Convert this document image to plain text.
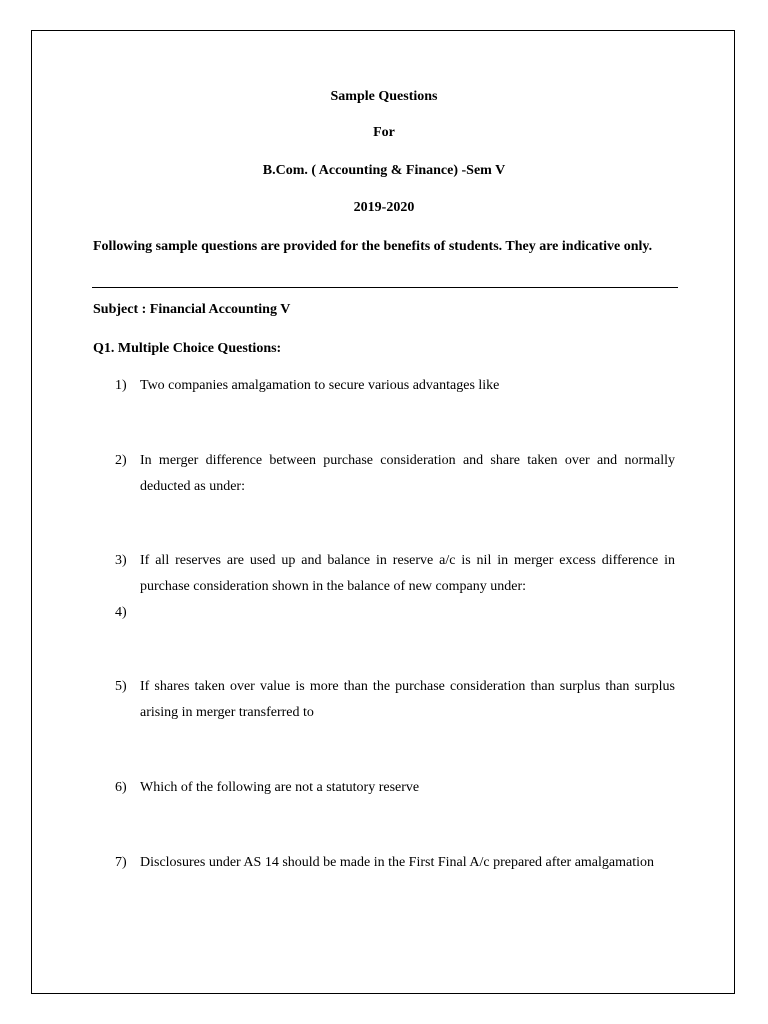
Sample Questions
For
B.Com. ( Accounting & Finance) -Sem V
2019-2020
Following sample questions are provided for the benefits of students. They are indicative only.
Subject : Financial Accounting V
Q1. Multiple Choice Questions:
1) Two companies amalgamation to secure various advantages like
2) In merger difference between purchase consideration and share taken over and normally deducted as under:
3) If all reserves are used up and balance in reserve a/c is nil in merger excess difference in purchase consideration shown in the balance of new company under:
4)
5) If shares taken over value is more than the purchase consideration than surplus than surplus arising in merger transferred to
6) Which of the following are not a statutory reserve
7) Disclosures under AS 14 should be made in the First Final A/c prepared after amalgamation
